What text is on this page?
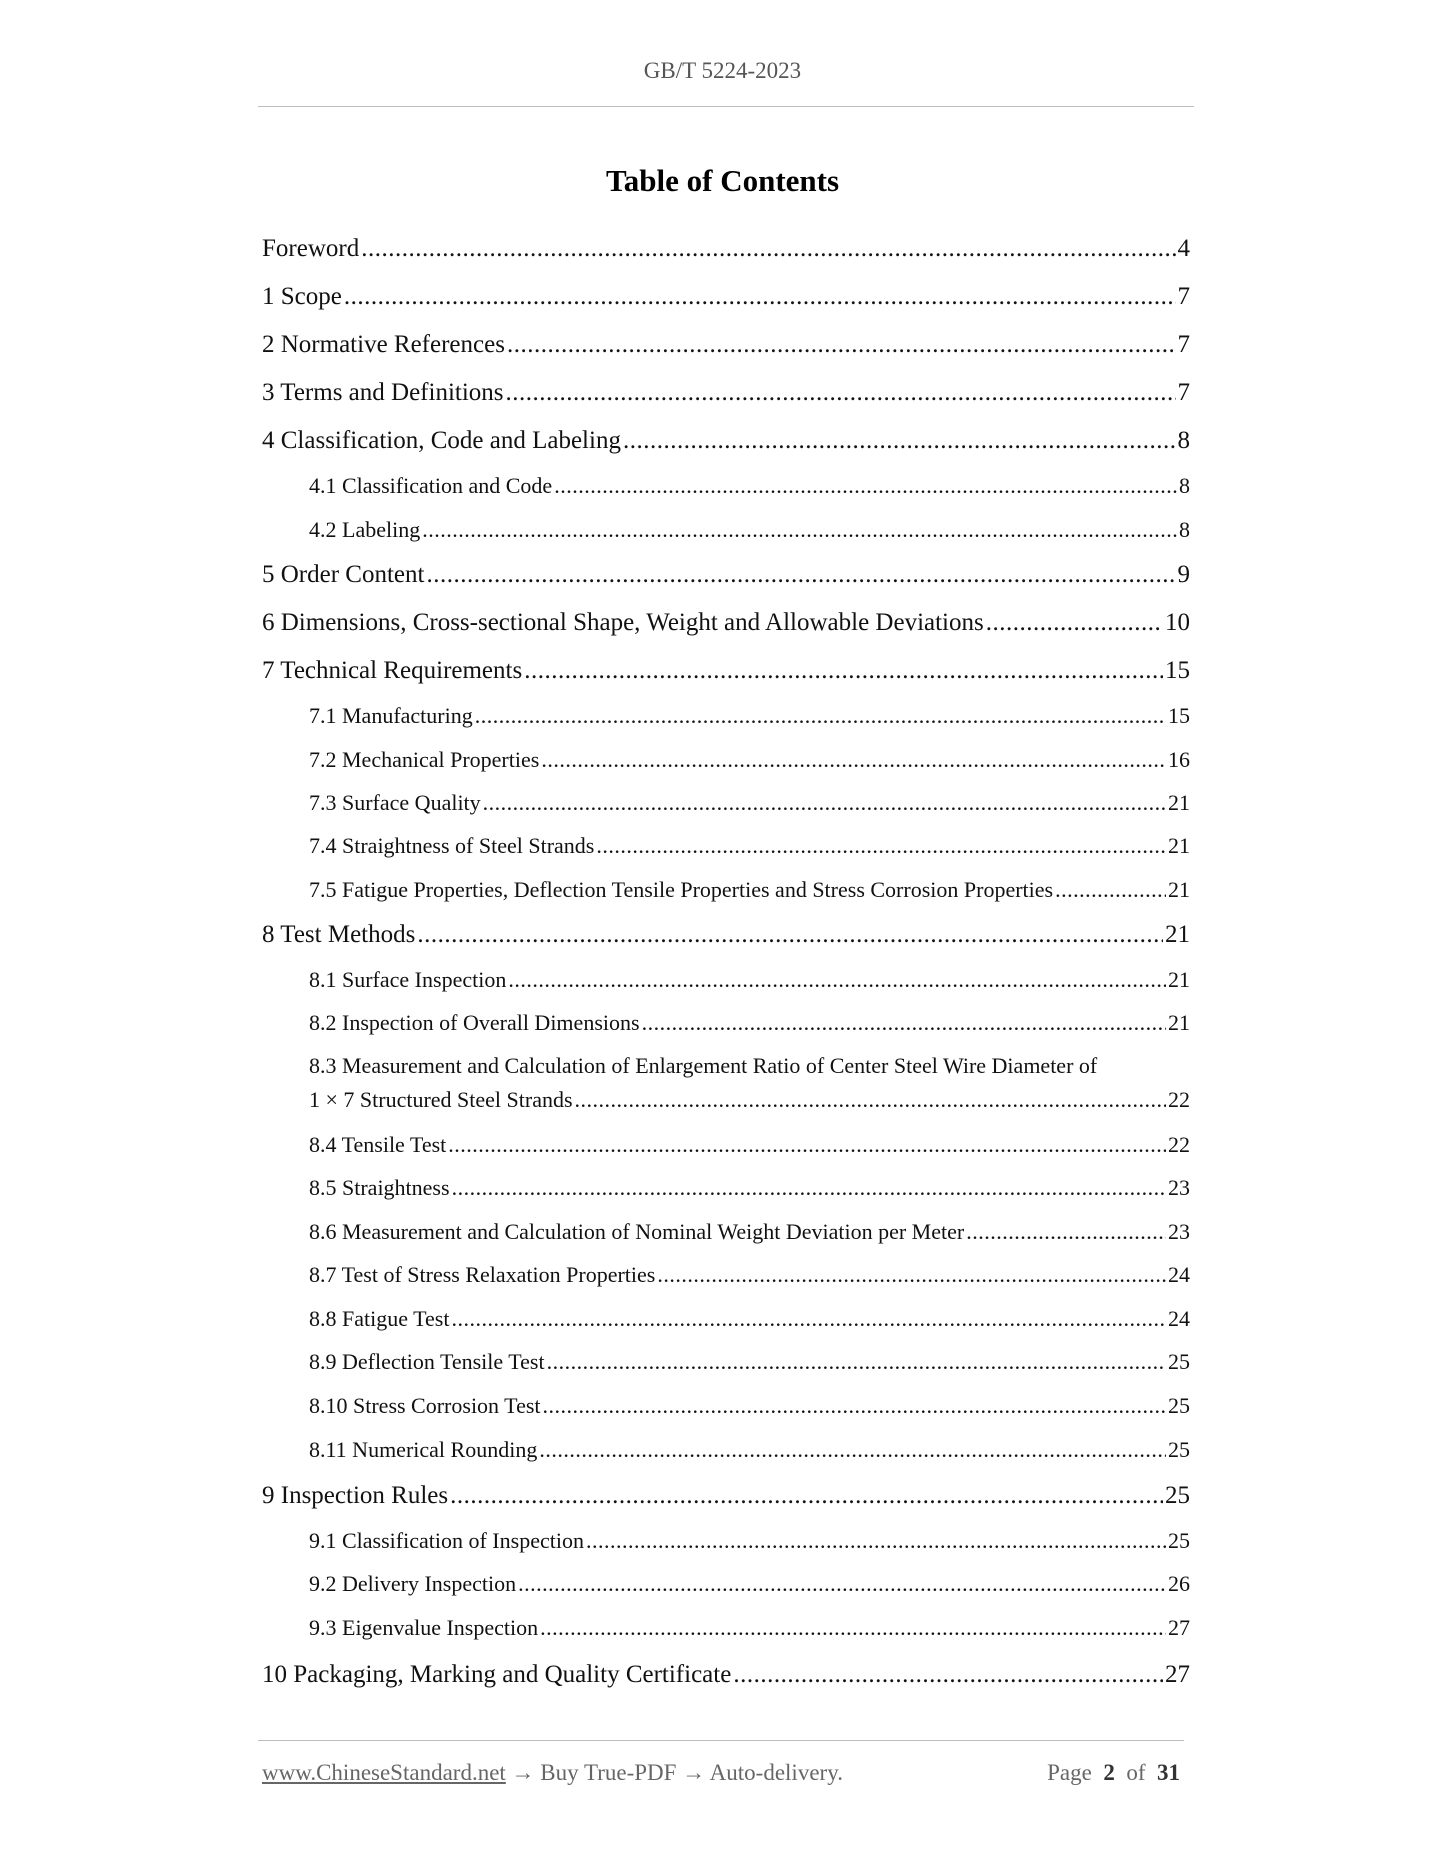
GB/T 5224-2023
Table of Contents
Foreword .....	4
1 Scope .....	7
2 Normative References .....	7
3 Terms and Definitions .....	7
4 Classification, Code and Labeling .....	8
4.1 Classification and Code .....	8
4.2 Labeling .....	8
5 Order Content .....	9
6 Dimensions, Cross-sectional Shape, Weight and Allowable Deviations .....	10
7 Technical Requirements .....	15
7.1 Manufacturing .....	15
7.2 Mechanical Properties .....	16
7.3 Surface Quality .....	21
7.4 Straightness of Steel Strands .....	21
7.5 Fatigue Properties, Deflection Tensile Properties and Stress Corrosion Properties .....	21
8 Test Methods .....	21
8.1 Surface Inspection .....	21
8.2 Inspection of Overall Dimensions .....	21
8.3 Measurement and Calculation of Enlargement Ratio of Center Steel Wire Diameter of
1 × 7 Structured Steel Strands .....	22
8.4 Tensile Test .....	22
8.5 Straightness .....	23
8.6 Measurement and Calculation of Nominal Weight Deviation per Meter .....	23
8.7 Test of Stress Relaxation Properties .....	24
8.8 Fatigue Test .....	24
8.9 Deflection Tensile Test .....	25
8.10 Stress Corrosion Test .....	25
8.11 Numerical Rounding .....	25
9 Inspection Rules .....	25
9.1 Classification of Inspection .....	25
9.2 Delivery Inspection .....	26
9.3 Eigenvalue Inspection .....	27
10 Packaging, Marking and Quality Certificate .....	27
www.ChineseStandard.net → Buy True-PDF → Auto-delivery.	Page 2 of 31
